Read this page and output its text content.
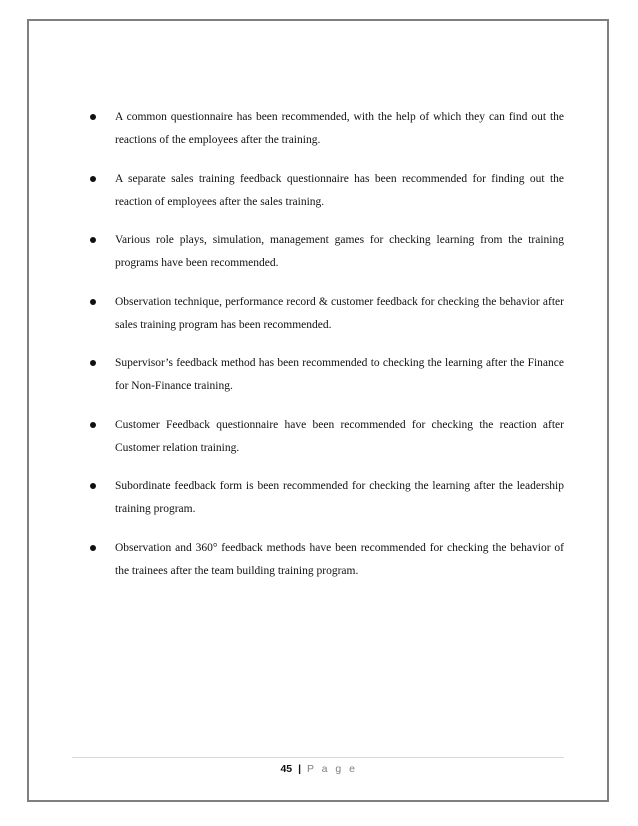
A common questionnaire has been recommended, with the help of which they can find out the reactions of the employees after the training.
A separate sales training feedback questionnaire has been recommended for finding out the reaction of employees after the sales training.
Various role plays, simulation, management games for checking learning from the training programs have been recommended.
Observation technique, performance record & customer feedback for checking the behavior after sales training program has been recommended.
Supervisor’s feedback method has been recommended to checking the learning after the Finance for Non-Finance training.
Customer Feedback questionnaire have been recommended for checking the reaction after Customer relation training.
Subordinate feedback form is been recommended for checking the learning after the leadership training program.
Observation and 360° feedback methods have been recommended for checking the behavior of the trainees after the team building training program.
45 | P a g e
